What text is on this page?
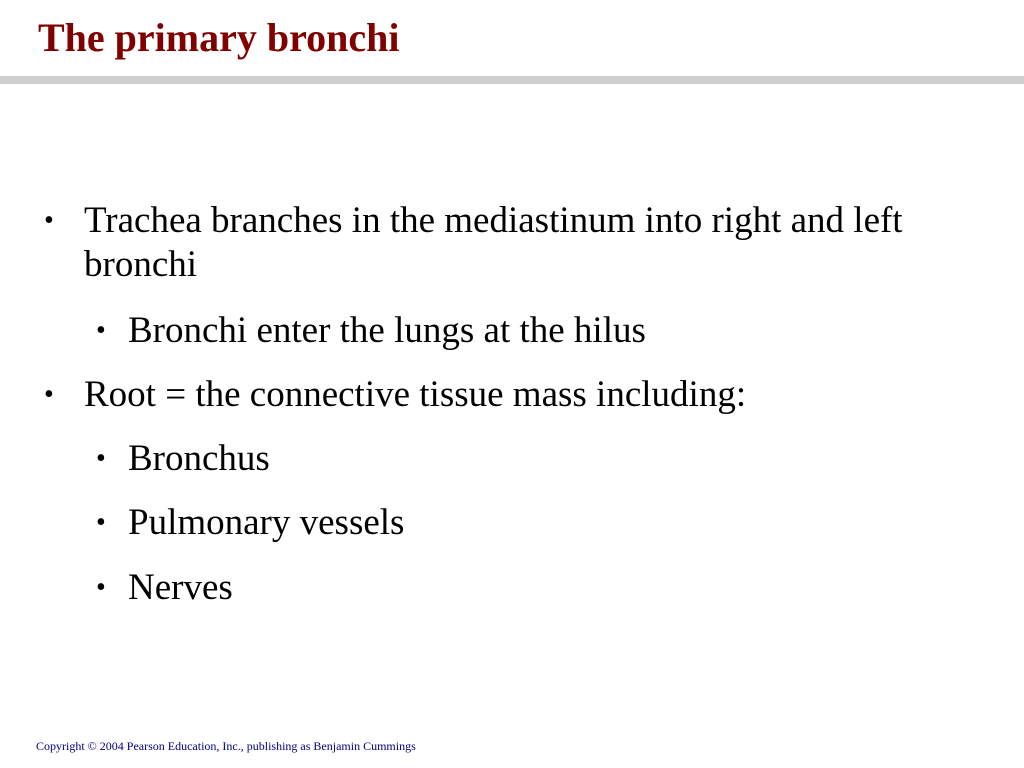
The primary bronchi
• Trachea branches in the mediastinum into right and left bronchi
• Bronchi enter the lungs at the hilus
• Root = the connective tissue mass including:
• Bronchus
• Pulmonary vessels
• Nerves
Copyright © 2004 Pearson Education, Inc., publishing as Benjamin Cummings
